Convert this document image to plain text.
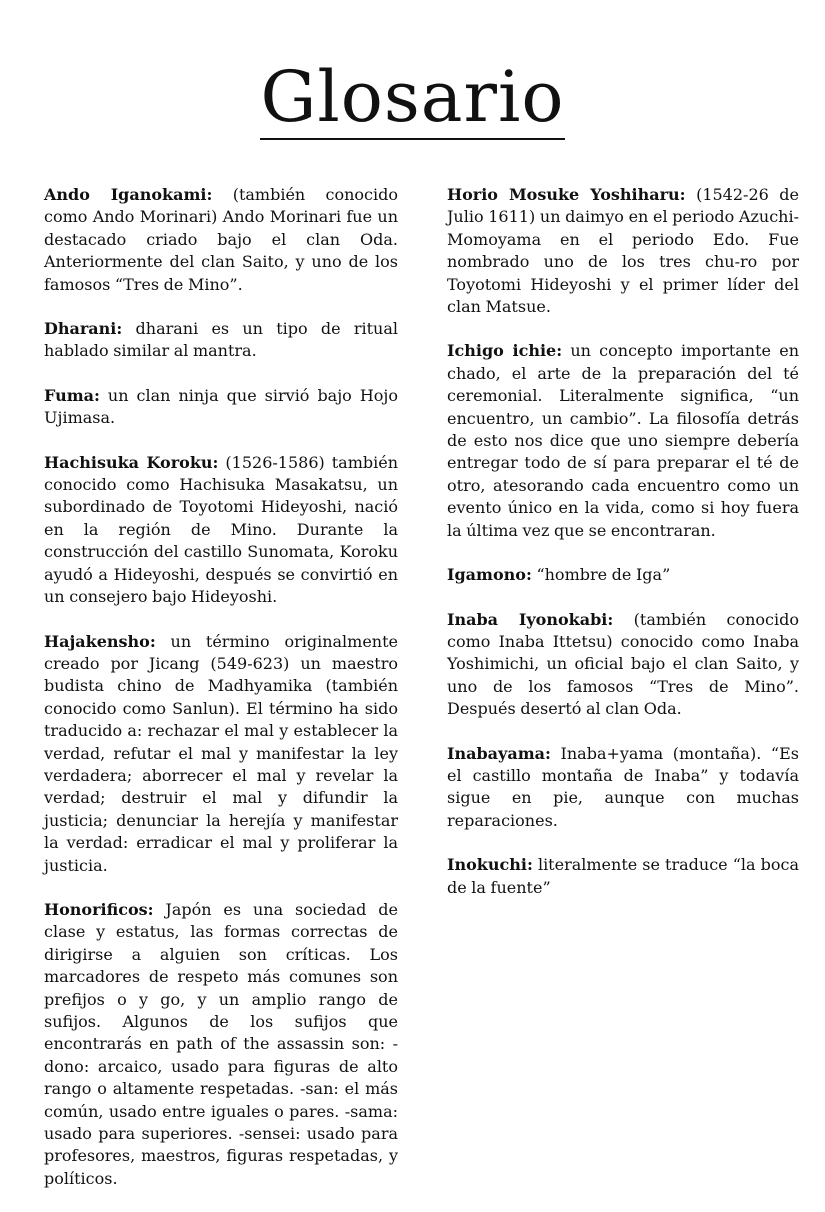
Glosario

Ando Iganokami: (también conocido como Ando Morinari) Ando Morinari fue un destacado criado bajo el clan Oda. Anteriormente del clan Saito, y uno de los famosos “Tres de Mino”.

Dharani: dharani es un tipo de ritual hablado similar al mantra.

Fuma: un clan ninja que sirvió bajo Hojo Ujimasa.

Hachisuka Koroku: (1526-1586) también conocido como Hachisuka Masakatsu, un subordinado de Toyotomi Hideyoshi, nació en la región de Mino. Durante la construcción del castillo Sunomata, Koroku ayudó a Hideyoshi, después se convirtió en un consejero bajo Hideyoshi.

Hajakensho: un término originalmente creado por Jicang (549-623) un maestro budista chino de Madhyamika (también conocido como Sanlun). El término ha sido traducido a: rechazar el mal y establecer la verdad, refutar el mal y manifestar la ley verdadera; aborrecer el mal y revelar la verdad; destruir el mal y difundir la justicia; denunciar la herejía y manifestar la verdad: erradicar el mal y proliferar la justicia.

Honorificos: Japón es una sociedad de clase y estatus, las formas correctas de dirigirse a alguien son críticas. Los marcadores de respeto más comunes son prefijos o y go, y un amplio rango de sufijos. Algunos de los sufijos que encontrarás en path of the assassin son: -dono: arcaico, usado para figuras de alto rango o altamente respetadas. -san: el más común, usado entre iguales o pares. -sama: usado para superiores. -sensei: usado para profesores, maestros, figuras respetadas, y políticos.

Horio Mosuke Yoshiharu: (1542-26 de Julio 1611) un daimyo en el periodo Azuchi-Momoyama en el periodo Edo. Fue nombrado uno de los tres chu-ro por Toyotomi Hideyoshi y el primer líder del clan Matsue.

Ichigo ichie: un concepto importante en chado, el arte de la preparación del té ceremonial. Literalmente significa, “un encuentro, un cambio”. La filosofía detrás de esto nos dice que uno siempre debería entregar todo de sí para preparar el té de otro, atesorando cada encuentro como un evento único en la vida, como si hoy fuera la última vez que se encontraran.

Igamono: “hombre de Iga”

Inaba Iyonokabi: (también conocido como Inaba Ittetsu) conocido como Inaba Yoshimichi, un oficial bajo el clan Saito, y uno de los famosos “Tres de Mino”. Después desertó al clan Oda.

Inabayama: Inaba+yama (montaña). “Es el castillo montaña de Inaba” y todavía sigue en pie, aunque con muchas reparaciones.

Inokuchi: literalmente se traduce “la boca de la fuente”
